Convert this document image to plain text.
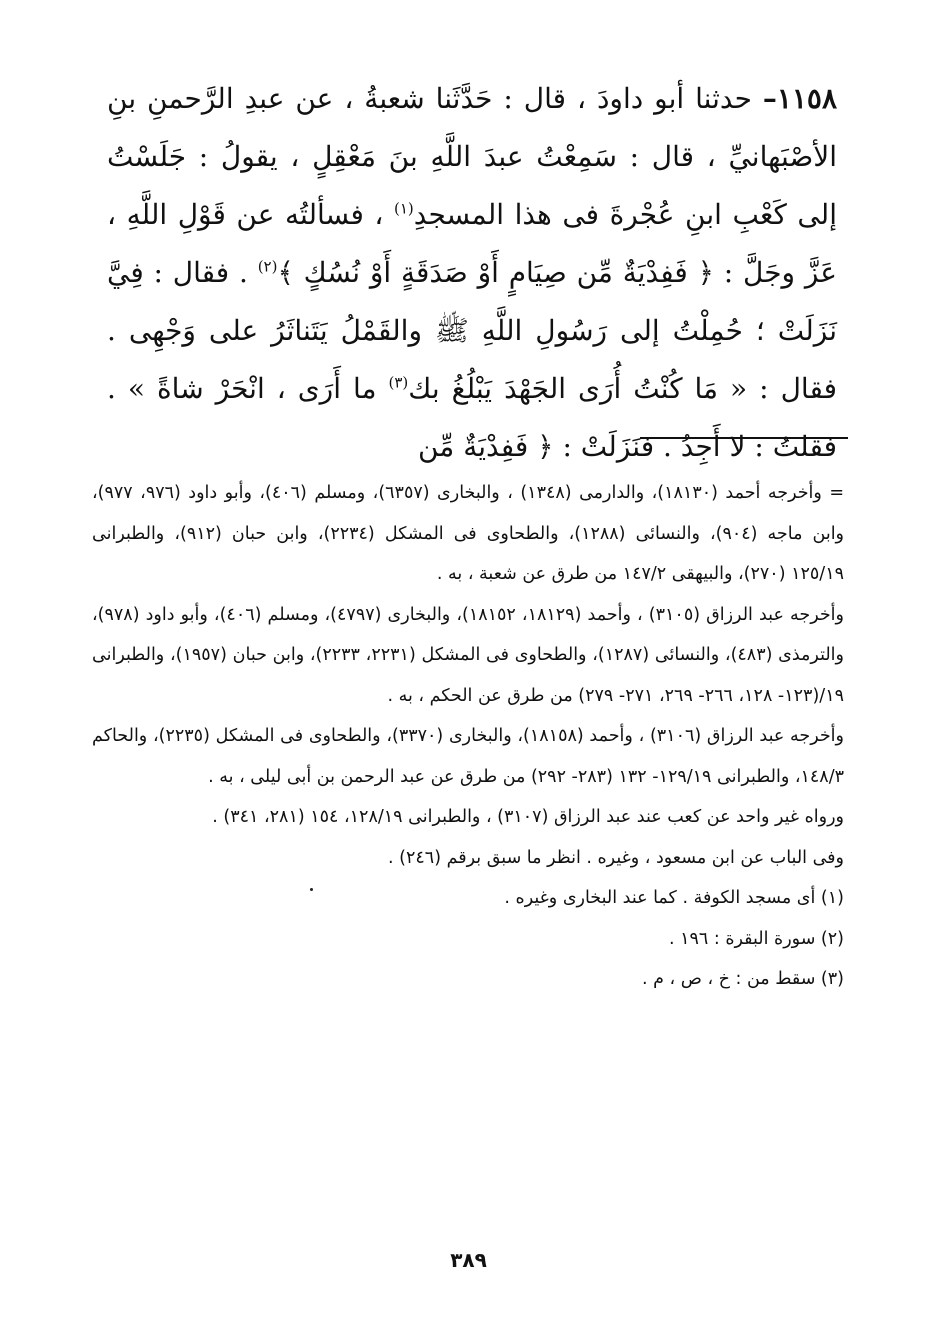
١١٥٨– حدثنا أبو داودَ ، قال : حَدَّثَنا شعبةُ ، عن عبدِ الرَّحمنِ بنِ الأصْبَهانيِّ ، قال : سَمِعْتُ عبدَ اللَّهِ بنَ مَعْقِلٍ ، يقولُ : جَلَسْتُ إلى كَعْبِ ابنِ عُجْرةَ فى هذا المسجدِ$^{(١)}$ ، فسألتُه عن قَوْلِ اللَّهِ ، عَزَّ وجَلَّ : ﴿ فَفِدْيَةٌ مِّن صِيَامٍ أَوْ صَدَقَةٍ أَوْ نُسُكٍ ﴾$^{(٢)}$ . فقال : فِيَّ نَزَلَتْ ؛ حُمِلْتُ إلى رَسُولِ اللَّهِ ﷺ والقَمْلُ يَتَناثَرُ على وَجْهِى . فقال : « مَا كُنْتُ أُرَى الجَهْدَ يَبْلُغُ بك$^{(٣)}$ ما أَرَى ، انْحَرْ شاةً » . فقلتُ : لا أَجِدُ . فنَزَلَتْ : ﴿ فَفِدْيَةٌ مِّن

= وأخرجه أحمد (١٨١٣٠)، والدارمى (١٣٤٨) ، والبخارى (٦٣٥٧)، ومسلم (٤٠٦)، وأبو داود (٩٧٦، ٩٧٧)، وابن ماجه (٩٠٤)، والنسائى (١٢٨٨)، والطحاوى فى المشكل (٢٢٣٤)، وابن حبان (٩١٢)، والطبرانى ١٢٥/١٩ (٢٧٠)، والبيهقى ١٤٧/٢ من طرق عن شعبة ، به .

وأخرجه عبد الرزاق (٣١٠٥) ، وأحمد (١٨١٢٩، ١٨١٥٢)، والبخارى (٤٧٩٧)، ومسلم (٤٠٦)، وأبو داود (٩٧٨)، والترمذى (٤٨٣)، والنسائى (١٢٨٧)، والطحاوى فى المشكل (٢٢٣١، ٢٢٣٣)، وابن حبان (١٩٥٧)، والطبرانى ١٩/(١٢٣- ١٢٨، ٢٦٦- ٢٦٩، ٢٧١- ٢٧٩) من طرق عن الحكم ، به .

وأخرجه عبد الرزاق (٣١٠٦) ، وأحمد (١٨١٥٨)، والبخارى (٣٣٧٠)، والطحاوى فى المشكل (٢٢٣٥)، والحاكم ١٤٨/٣، والطبرانى ١٢٩/١٩- ١٣٢ (٢٨٣- ٢٩٢) من طرق عن عبد الرحمن بن أبى ليلى ، به .

ورواه غير واحد عن كعب عند عبد الرزاق (٣١٠٧) ، والطبرانى ١٢٨/١٩، ١٥٤ (٢٨١، ٣٤١) .

وفى الباب عن ابن مسعود ، وغيره . انظر ما سبق برقم (٢٤٦) .

(١) أى مسجد الكوفة . كما عند البخارى وغيره .

(٢) سورة البقرة : ١٩٦ .

(٣) سقط من : خ ، ص ، م .

٣٨٩
